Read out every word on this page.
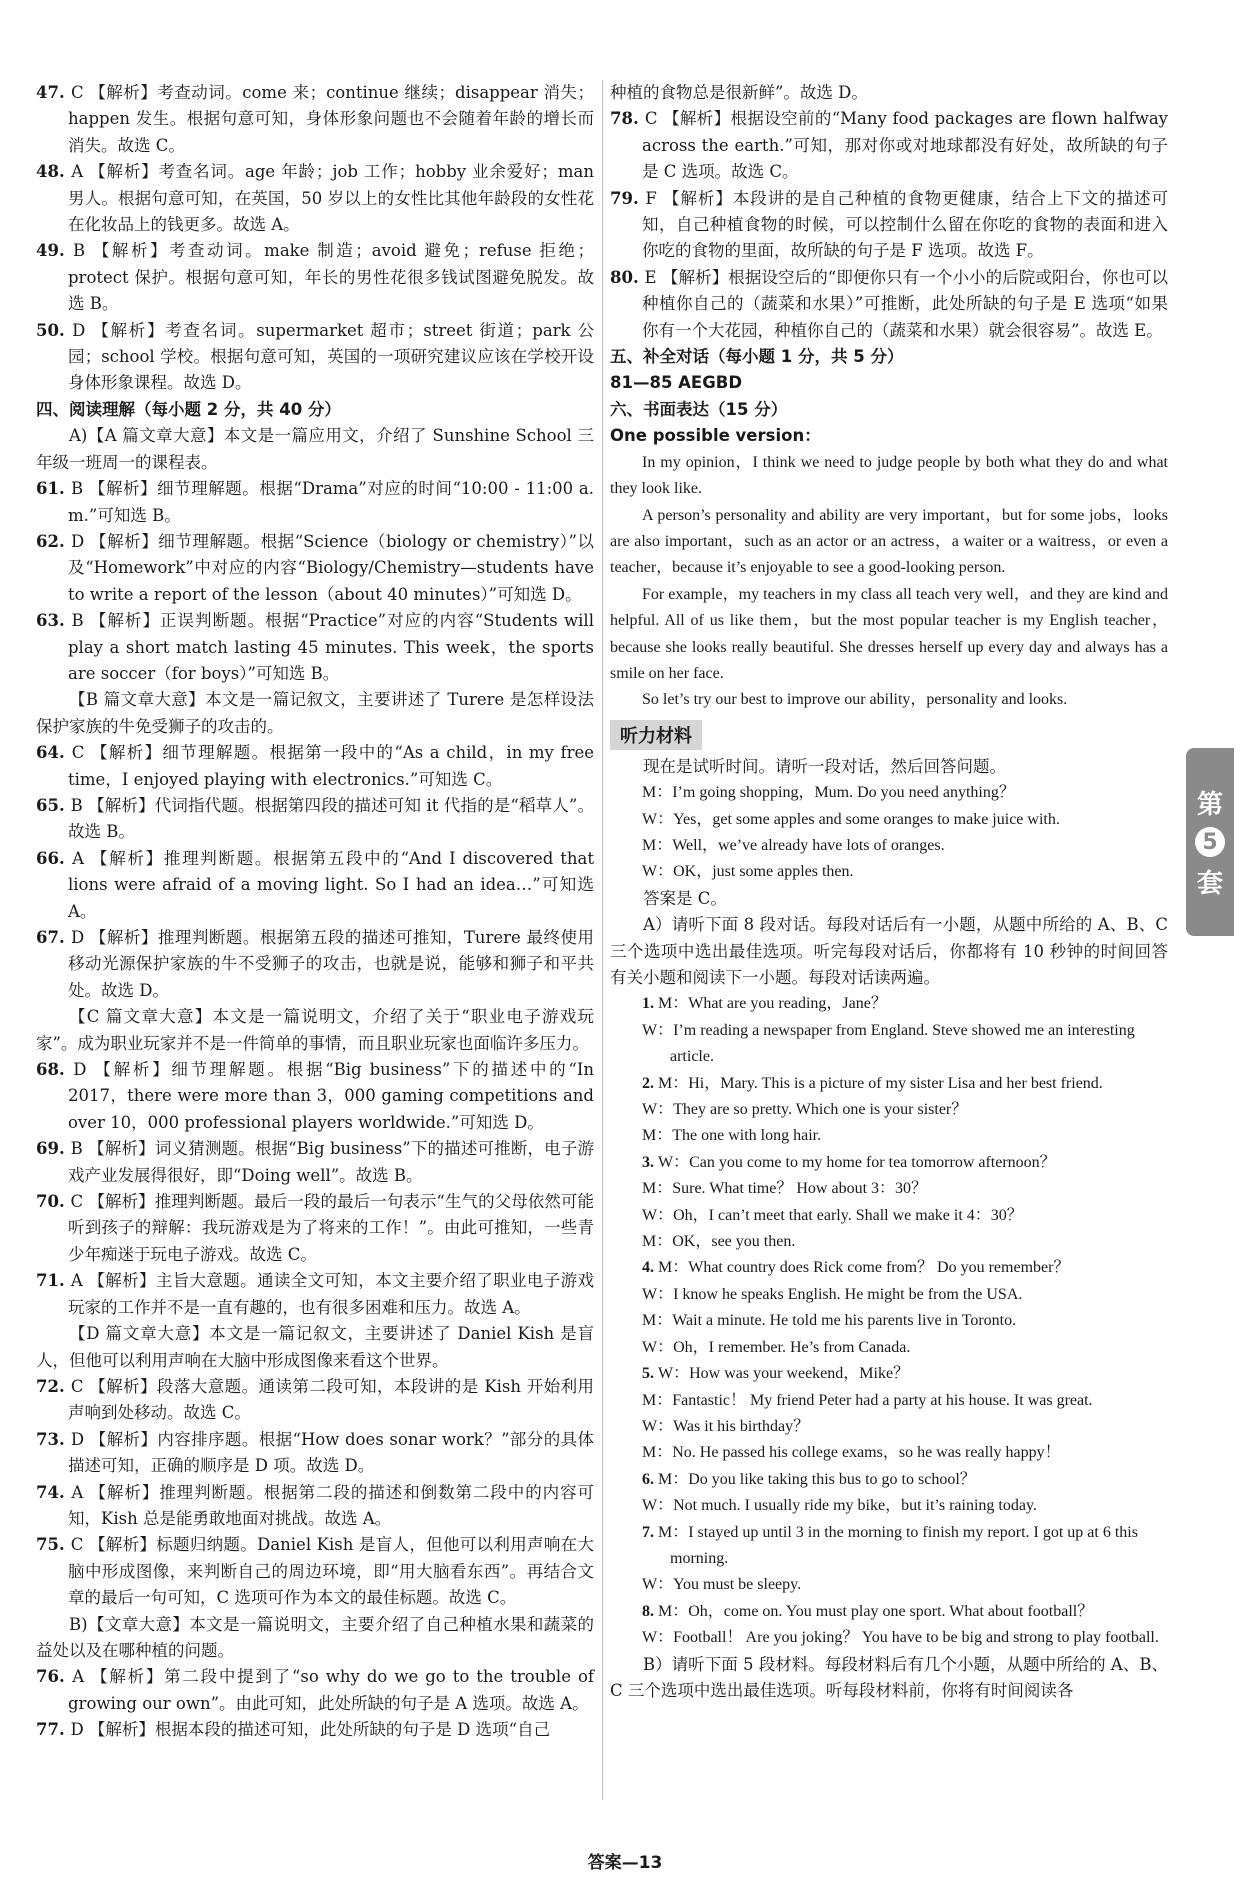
47. C 【解析】考查动词。come 来；continue 继续；disappear 消失；happen 发生。根据句意可知，身体形象问题也不会随着年龄的增长而消失。故选 C。

48. A 【解析】考查名词。age 年龄；job 工作；hobby 业余爱好；man 男人。根据句意可知，在英国，50 岁以上的女性比其他年龄段的女性花在化妆品上的钱更多。故选 A。

49. B 【解析】考查动词。make 制造；avoid 避免；refuse 拒绝；protect 保护。根据句意可知，年长的男性花很多钱试图避免脱发。故选 B。

50. D 【解析】考查名词。supermarket 超市；street 街道；park 公园；school 学校。根据句意可知，英国的一项研究建议应该在学校开设身体形象课程。故选 D。

四、阅读理解（每小题 2 分，共 40 分）

A)【A 篇文章大意】本文是一篇应用文，介绍了 Sunshine School 三年级一班周一的课程表。

61. B 【解析】细节理解题。根据“Drama”对应的时间“10:00 - 11:00 a. m.”可知选 B。

62. D 【解析】细节理解题。根据“Science（biology or chemistry）”以及“Homework”中对应的内容“Biology/Chemistry—students have to write a report of the lesson（about 40 minutes）”可知选 D。

63. B 【解析】正误判断题。根据“Practice”对应的内容“Students will play a short match lasting 45 minutes. This week，the sports are soccer（for boys）”可知选 B。

【B 篇文章大意】本文是一篇记叙文，主要讲述了 Turere 是怎样设法保护家族的牛免受狮子的攻击的。

64. C 【解析】细节理解题。根据第一段中的“As a child，in my free time，I enjoyed playing with electronics.”可知选 C。

65. B 【解析】代词指代题。根据第四段的描述可知 it 代指的是“稻草人”。故选 B。

66. A 【解析】推理判断题。根据第五段中的“And I discovered that lions were afraid of a moving light. So I had an idea…”可知选 A。

67. D 【解析】推理判断题。根据第五段的描述可推知，Turere 最终使用移动光源保护家族的牛不受狮子的攻击，也就是说，能够和狮子和平共处。故选 D。

【C 篇文章大意】本文是一篇说明文，介绍了关于“职业电子游戏玩家”。成为职业玩家并不是一件简单的事情，而且职业玩家也面临许多压力。

68. D 【解析】细节理解题。根据“Big business”下的描述中的“In 2017，there were more than 3，000 gaming competitions and over 10，000 professional players worldwide.”可知选 D。

69. B 【解析】词义猜测题。根据“Big business”下的描述可推断，电子游戏产业发展得很好，即“Doing well”。故选 B。

70. C 【解析】推理判断题。最后一段的最后一句表示“生气的父母依然可能听到孩子的辩解：我玩游戏是为了将来的工作！”。由此可推知，一些青少年痴迷于玩电子游戏。故选 C。

71. A 【解析】主旨大意题。通读全文可知，本文主要介绍了职业电子游戏玩家的工作并不是一直有趣的，也有很多困难和压力。故选 A。

【D 篇文章大意】本文是一篇记叙文，主要讲述了 Daniel Kish 是盲人，但他可以利用声响在大脑中形成图像来看这个世界。

72. C 【解析】段落大意题。通读第二段可知，本段讲的是 Kish 开始利用声响到处移动。故选 C。

73. D 【解析】内容排序题。根据“How does sonar work？”部分的具体描述可知，正确的顺序是 D 项。故选 D。

74. A 【解析】推理判断题。根据第二段的描述和倒数第二段中的内容可知，Kish 总是能勇敢地面对挑战。故选 A。

75. C 【解析】标题归纳题。Daniel Kish 是盲人，但他可以利用声响在大脑中形成图像，来判断自己的周边环境，即“用大脑看东西”。再结合文章的最后一句可知，C 选项可作为本文的最佳标题。故选 C。

B)【文章大意】本文是一篇说明文，主要介绍了自己种植水果和蔬菜的益处以及在哪种植的问题。

76. A 【解析】第二段中提到了“so why do we go to the trouble of growing our own”。由此可知，此处所缺的句子是 A 选项。故选 A。

77. D 【解析】根据本段的描述可知，此处所缺的句子是 D 选项“自己

种植的食物总是很新鲜”。故选 D。

78. C 【解析】根据设空前的“Many food packages are flown halfway across the earth.”可知，那对你或对地球都没有好处，故所缺的句子是 C 选项。故选 C。

79. F 【解析】本段讲的是自己种植的食物更健康，结合上下文的描述可知，自己种植食物的时候，可以控制什么留在你吃的食物的表面和进入你吃的食物的里面，故所缺的句子是 F 选项。故选 F。

80. E 【解析】根据设空后的“即便你只有一个小小的后院或阳台，你也可以种植你自己的（蔬菜和水果）”可推断，此处所缺的句子是 E 选项“如果你有一个大花园，种植你自己的（蔬菜和水果）就会很容易”。故选 E。

五、补全对话（每小题 1 分，共 5 分）

81—85 AEGBD

六、书面表达（15 分）

One possible version：

In my opinion，I think we need to judge people by both what they do and what they look like.

A person’s personality and ability are very important，but for some jobs，looks are also important，such as an actor or an actress，a waiter or a waitress，or even a teacher，because it’s enjoyable to see a good-looking person.

For example，my teachers in my class all teach very well，and they are kind and helpful. All of us like them，but the most popular teacher is my English teacher，because she looks really beautiful. She dresses herself up every day and always has a smile on her face.

So let’s try our best to improve our ability，personality and looks.

听力材料

现在是试听时间。请听一段对话，然后回答问题。

M：I’m going shopping，Mum. Do you need anything？

W：Yes，get some apples and some oranges to make juice with.

M：Well，we’ve already have lots of oranges.

W：OK，just some apples then.

答案是 C。

A）请听下面 8 段对话。每段对话后有一小题，从题中所给的 A、B、C 三个选项中选出最佳选项。听完每段对话后，你都将有 10 秒钟的时间回答有关小题和阅读下一小题。每段对话读两遍。

1. M：What are you reading，Jane？

W：I’m reading a newspaper from England. Steve showed me an interesting article.

2. M：Hi，Mary. This is a picture of my sister Lisa and her best friend.

W：They are so pretty. Which one is your sister？

M：The one with long hair.

3. W：Can you come to my home for tea tomorrow afternoon？

M：Sure. What time？ How about 3：30？

W：Oh，I can’t meet that early. Shall we make it 4：30？

M：OK，see you then.

4. M：What country does Rick come from？ Do you remember？

W：I know he speaks English. He might be from the USA.

M：Wait a minute. He told me his parents live in Toronto.

W：Oh，I remember. He’s from Canada.

5. W：How was your weekend，Mike？

M：Fantastic！ My friend Peter had a party at his house. It was great.

W：Was it his birthday？

M：No. He passed his college exams，so he was really happy！

6. M：Do you like taking this bus to go to school？

W：Not much. I usually ride my bike，but it’s raining today.

7. M：I stayed up until 3 in the morning to finish my report. I got up at 6 this morning.

W：You must be sleepy.

8. M：Oh，come on. You must play one sport. What about football？

W：Football！ Are you joking？ You have to be big and strong to play football.

B）请听下面 5 段材料。每段材料后有几个小题，从题中所给的 A、B、C 三个选项中选出最佳选项。听每段材料前，你将有时间阅读各

第
5
套
答案—13
